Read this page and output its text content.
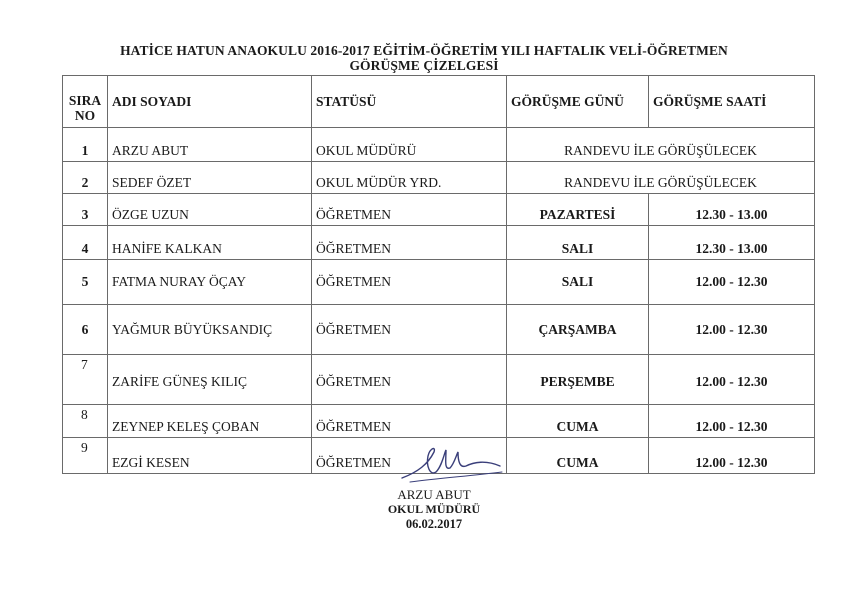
HATİCE HATUN ANAOKULU 2016-2017 EĞİTİM-ÖĞRETİM YILI HAFTALIK VELİ-ÖĞRETMEN
GÖRÜŞME ÇİZELGESİ
SIRA
NO	ADI SOYADI	STATÜSÜ	GÖRÜŞME GÜNÜ	GÖRÜŞME SAATİ
1	ARZU ABUT	OKUL MÜDÜRÜ	RANDEVU İLE GÖRÜŞÜLECEK	
2	SEDEF ÖZET	OKUL MÜDÜR YRD.	RANDEVU İLE GÖRÜŞÜLECEK	
3	ÖZGE UZUN	ÖĞRETMEN	PAZARTESİ	12.30 - 13.00
4	HANİFE KALKAN	ÖĞRETMEN	SALI	12.30 - 13.00
5	FATMA NURAY ÖÇAY	ÖĞRETMEN	SALI	12.00 - 12.30
6	YAĞMUR BÜYÜKSANDIÇ	ÖĞRETMEN	ÇARŞAMBA	12.00 - 12.30
7	ZARİFE GÜNEŞ KILIÇ	ÖĞRETMEN	PERŞEMBE	12.00 - 12.30
8	ZEYNEP KELEŞ ÇOBAN	ÖĞRETMEN	CUMA	12.00 - 12.30
9	EZGİ KESEN	ÖĞRETMEN	CUMA	12.00 - 12.30
ARZU ABUT
OKUL MÜDÜRÜ
06.02.2017
